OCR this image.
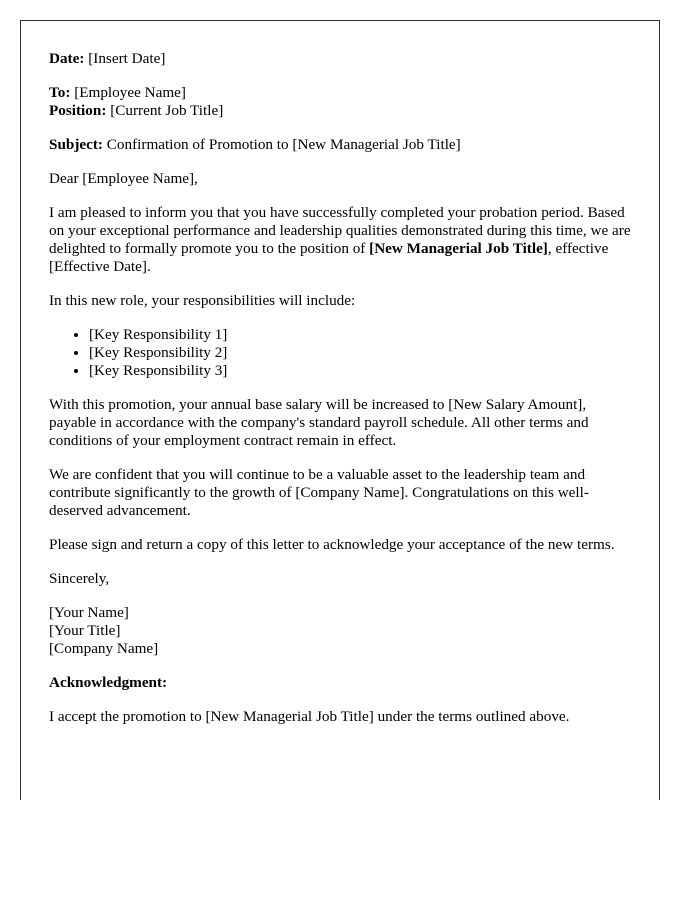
Date: [Insert Date]

To: [Employee Name]
Position: [Current Job Title]

Subject: Confirmation of Promotion to [New Managerial Job Title]

Dear [Employee Name],

I am pleased to inform you that you have successfully completed your probation period. Based on your exceptional performance and leadership qualities demonstrated during this time, we are delighted to formally promote you to the position of [New Managerial Job Title], effective [Effective Date].

In this new role, your responsibilities will include:

• [Key Responsibility 1]
• [Key Responsibility 2]
• [Key Responsibility 3]

With this promotion, your annual base salary will be increased to [New Salary Amount], payable in accordance with the company's standard payroll schedule. All other terms and conditions of your employment contract remain in effect.

We are confident that you will continue to be a valuable asset to the leadership team and contribute significantly to the growth of [Company Name]. Congratulations on this well-deserved advancement.

Please sign and return a copy of this letter to acknowledge your acceptance of the new terms.

Sincerely,

[Your Name]
[Your Title]
[Company Name]

Acknowledgment:

I accept the promotion to [New Managerial Job Title] under the terms outlined above.
